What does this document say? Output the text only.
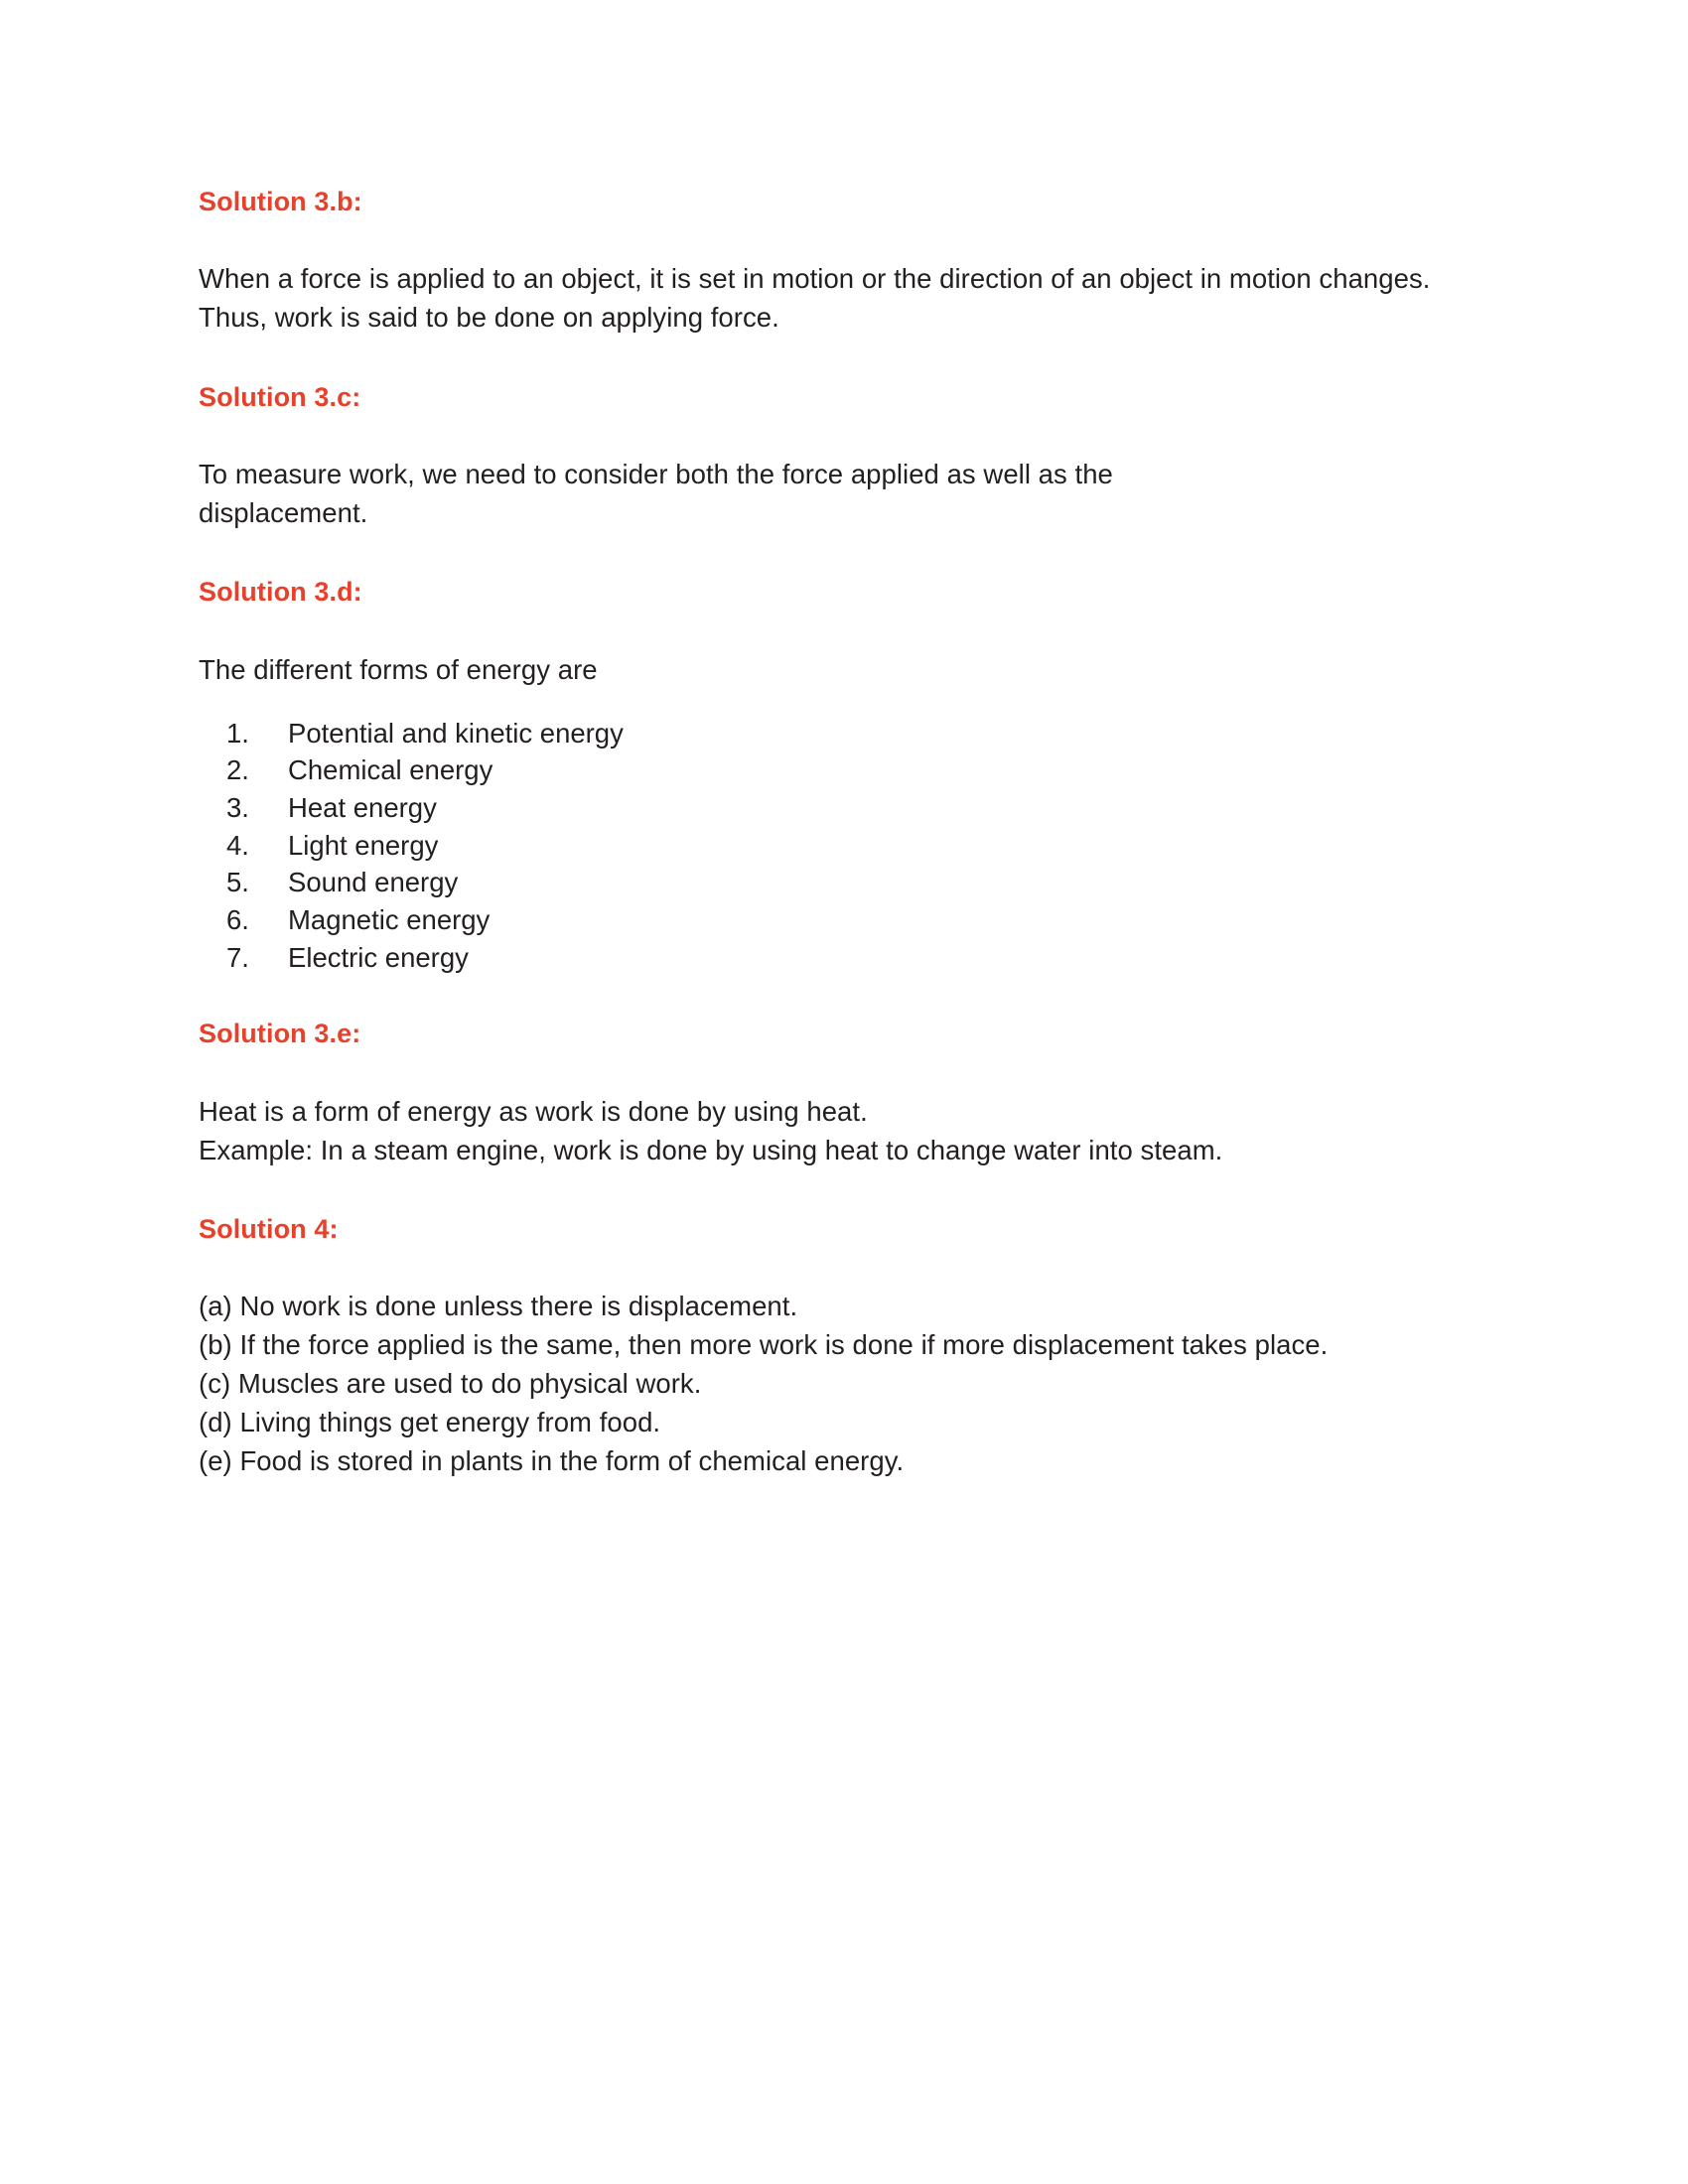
Solution 3.b:

When a force is applied to an object, it is set in motion or the direction of an object in motion changes. Thus, work is said to be done on applying force.

Solution 3.c:

To measure work, we need to consider both the force applied as well as the displacement.

Solution 3.d:

The different forms of energy are

Potential and kinetic energy
Chemical energy
Heat energy
Light energy
Sound energy
Magnetic energy
Electric energy

Solution 3.e:

Heat is a form of energy as work is done by using heat.
Example: In a steam engine, work is done by using heat to change water into steam.

Solution 4:

(a) No work is done unless there is displacement.
(b) If the force applied is the same, then more work is done if more displacement takes place.
(c) Muscles are used to do physical work.
(d) Living things get energy from food.
(e) Food is stored in plants in the form of chemical energy.
